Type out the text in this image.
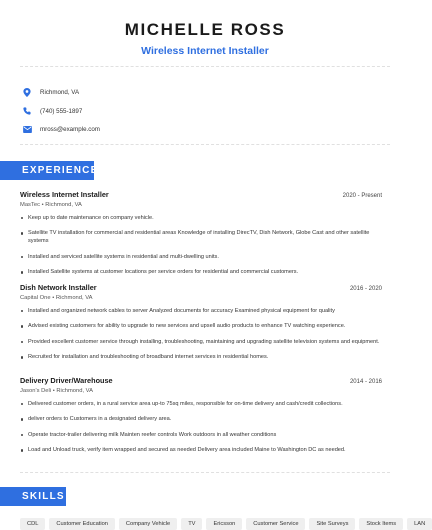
MICHELLE ROSS
Wireless Internet Installer
Richmond, VA
(740) 555-1897
mross@example.com
EXPERIENCE
Wireless Internet Installer	2020 - Present
MasTec • Richmond, VA
Keep up to date maintenance on company vehicle.
Satellite TV installation for commercial and residential areas Knowledge of installing DirecTV, Dish Network, Globe Cast and other satellite systems
Installed and serviced satellite systems in residential and multi-dwelling units.
Installed Satellite systems at customer locations per service orders for residential and commercial customers.
Dish Network Installer	2016 - 2020
Capital One • Richmond, VA
Installed and organized network cables to server Analyzed documents for accuracy Examined physical equipment for quality
Advised existing customers for ability to upgrade to new services and upsell audio products to enhance TV watching experience.
Provided excellent customer service through installing, troubleshooting, maintaining and upgrading satellite television systems and equipment.
Recruited for installation and troubleshooting of broadband internet services in residential homes.
Delivery Driver/Warehouse	2014 - 2016
Jason's Deli • Richmond, VA
Delivered customer orders, in a rural service area up-to 75sq miles, responsible for on-time delivery and cash/credit collections.
deliver orders to Customers in a designated delivery area.
Operate tractor-trailer delivering milk Mainten reefer controls Work outdoors in all weather conditions
Load and Unload truck, verify item wrapped and secured as needed Delivery area included Maine to Washington DC as needed.
SKILLS
CDL	Customer Education	Company Vehicle	TV	Ericsson	Customer Service	Site Surveys	Stock Items	LAN
